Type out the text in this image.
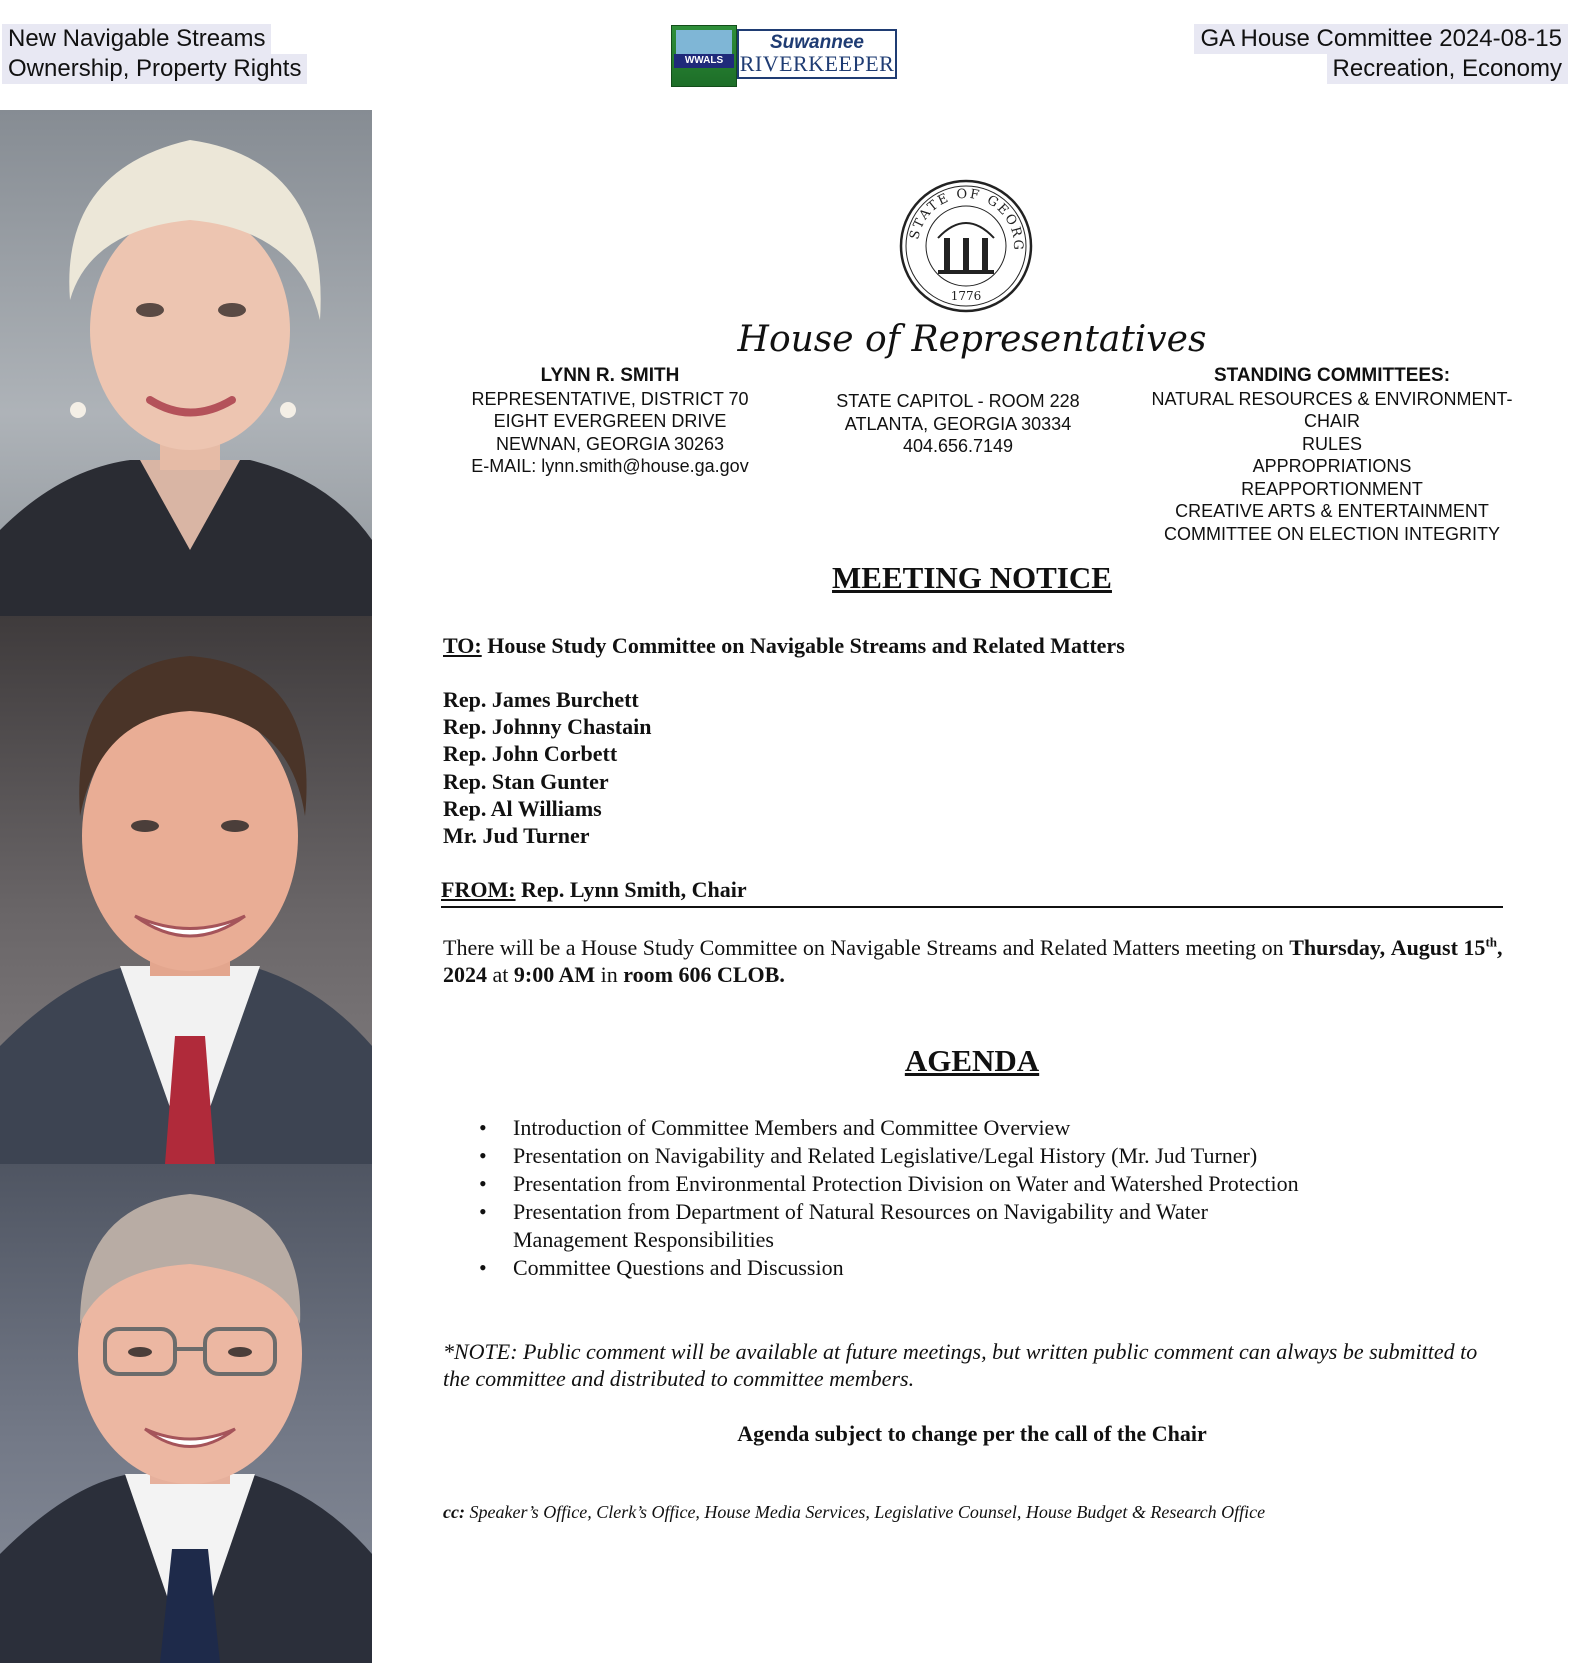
New Navigable Streams
Ownership, Property Rights
GA House Committee 2024-08-15
Recreation, Economy
WWALS
Suwannee
RIVERKEEPER
STATE OF GEORG
1776
House of Representatives
LYNN R. SMITH
REPRESENTATIVE, DISTRICT 70
EIGHT EVERGREEN DRIVE
NEWNAN, GEORGIA 30263
E-MAIL: lynn.smith@house.ga.gov
STATE CAPITOL - ROOM 228
ATLANTA, GEORGIA 30334
404.656.7149
STANDING COMMITTEES:
NATURAL RESOURCES & ENVIRONMENT- CHAIR
RULES
APPROPRIATIONS
REAPPORTIONMENT
CREATIVE ARTS & ENTERTAINMENT
COMMITTEE ON ELECTION INTEGRITY
MEETING NOTICE
TO: House Study Committee on Navigable Streams and Related Matters
Rep. James Burchett
Rep. Johnny Chastain
Rep. John Corbett
Rep. Stan Gunter
Rep. Al Williams
Mr. Jud Turner
FROM: Rep. Lynn Smith, Chair
There will be a House Study Committee on Navigable Streams and Related Matters meeting on Thursday, August 15th, 2024 at 9:00 AM in room 606 CLOB.
AGENDA
• Introduction of Committee Members and Committee Overview
• Presentation on Navigability and Related Legislative/Legal History (Mr. Jud Turner)
• Presentation from Environmental Protection Division on Water and Watershed Protection
• Presentation from Department of Natural Resources on Navigability and Water Management Responsibilities
• Committee Questions and Discussion
*NOTE: Public comment will be available at future meetings, but written public comment can always be submitted to the committee and distributed to committee members.
Agenda subject to change per the call of the Chair
cc: Speaker’s Office, Clerk’s Office, House Media Services, Legislative Counsel, House Budget & Research Office
